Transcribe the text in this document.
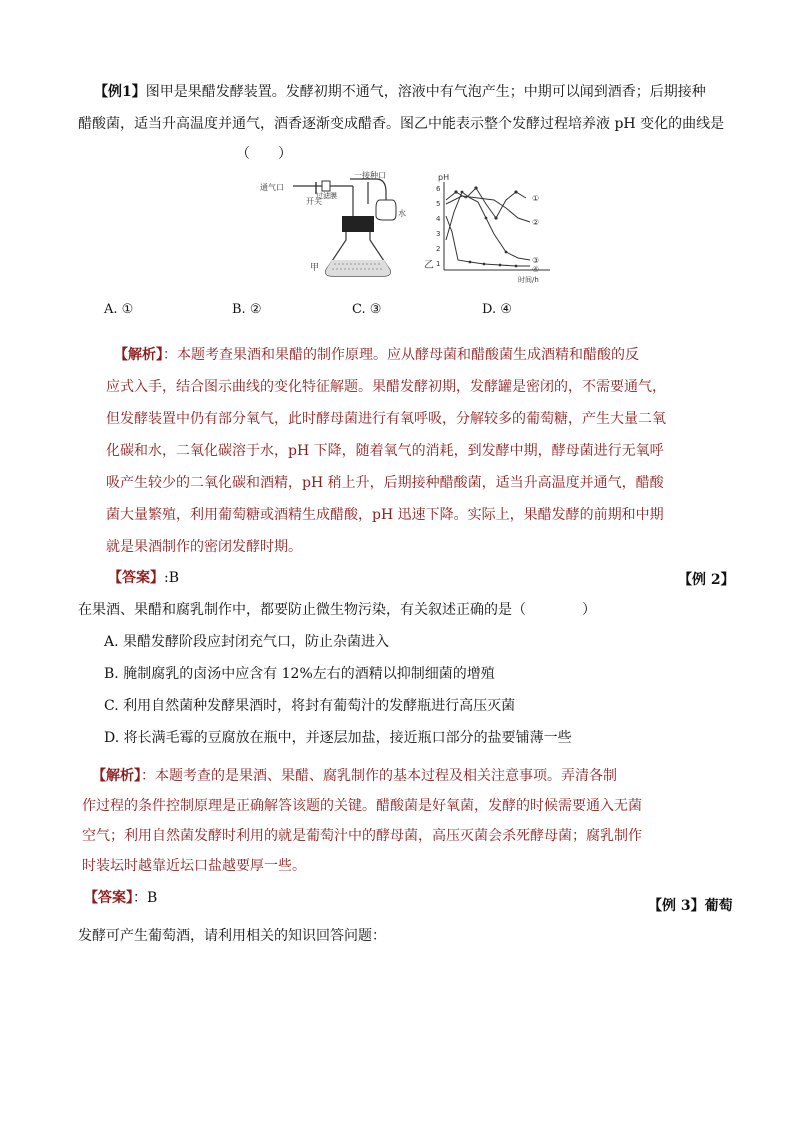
【例1】图甲是果醋发酵装置。发酵初期不通气，溶液中有气泡产生；中期可以闻到酒香；后期接种
醋酸菌，适当升高温度并通气，酒香逐渐变成醋香。图乙中能表示整个发酵过程培养液 pH 变化的曲线是
（　　）
通气口
开关
过滤膜
一接种口
水
甲
pH
6
5
4
3
2
1
①
②
③
④
时间/h
乙
A. ①	B. ②	C. ③	D. ④
【解析】：本题考查果酒和果醋的制作原理。应从酵母菌和醋酸菌生成酒精和醋酸的反
应式入手，结合图示曲线的变化特征解题。果醋发酵初期，发酵罐是密闭的，不需要通气，
但发酵装置中仍有部分氧气，此时酵母菌进行有氧呼吸，分解较多的葡萄糖，产生大量二氧
化碳和水，二氧化碳溶于水，pH 下降，随着氧气的消耗，到发酵中期，酵母菌进行无氧呼
吸产生较少的二氧化碳和酒精，pH 稍上升，后期接种醋酸菌，适当升高温度并通气，醋酸
菌大量繁殖，利用葡萄糖或酒精生成醋酸，pH 迅速下降。实际上，果醋发酵的前期和中期
就是果酒制作的密闭发酵时期。
【答案】:B	【例 2】
在果酒、果醋和腐乳制作中，都要防止微生物污染，有关叙述正确的是（　　　　）
A. 果醋发酵阶段应封闭充气口，防止杂菌进入
B. 腌制腐乳的卤汤中应含有 12%左右的酒精以抑制细菌的增殖
C. 利用自然菌种发酵果酒时，将封有葡萄汁的发酵瓶进行高压灭菌
D. 将长满毛霉的豆腐放在瓶中，并逐层加盐，接近瓶口部分的盐要铺薄一些
【解析】：本题考查的是果酒、果醋、腐乳制作的基本过程及相关注意事项。弄清各制
作过程的条件控制原理是正确解答该题的关键。醋酸菌是好氧菌，发酵的时候需要通入无菌
空气；利用自然菌发酵时利用的就是葡萄汁中的酵母菌，高压灭菌会杀死酵母菌；腐乳制作
时装坛时越靠近坛口盐越要厚一些。
【答案】：B	【例 3】葡萄
发酵可产生葡萄酒，请利用相关的知识回答问题：
